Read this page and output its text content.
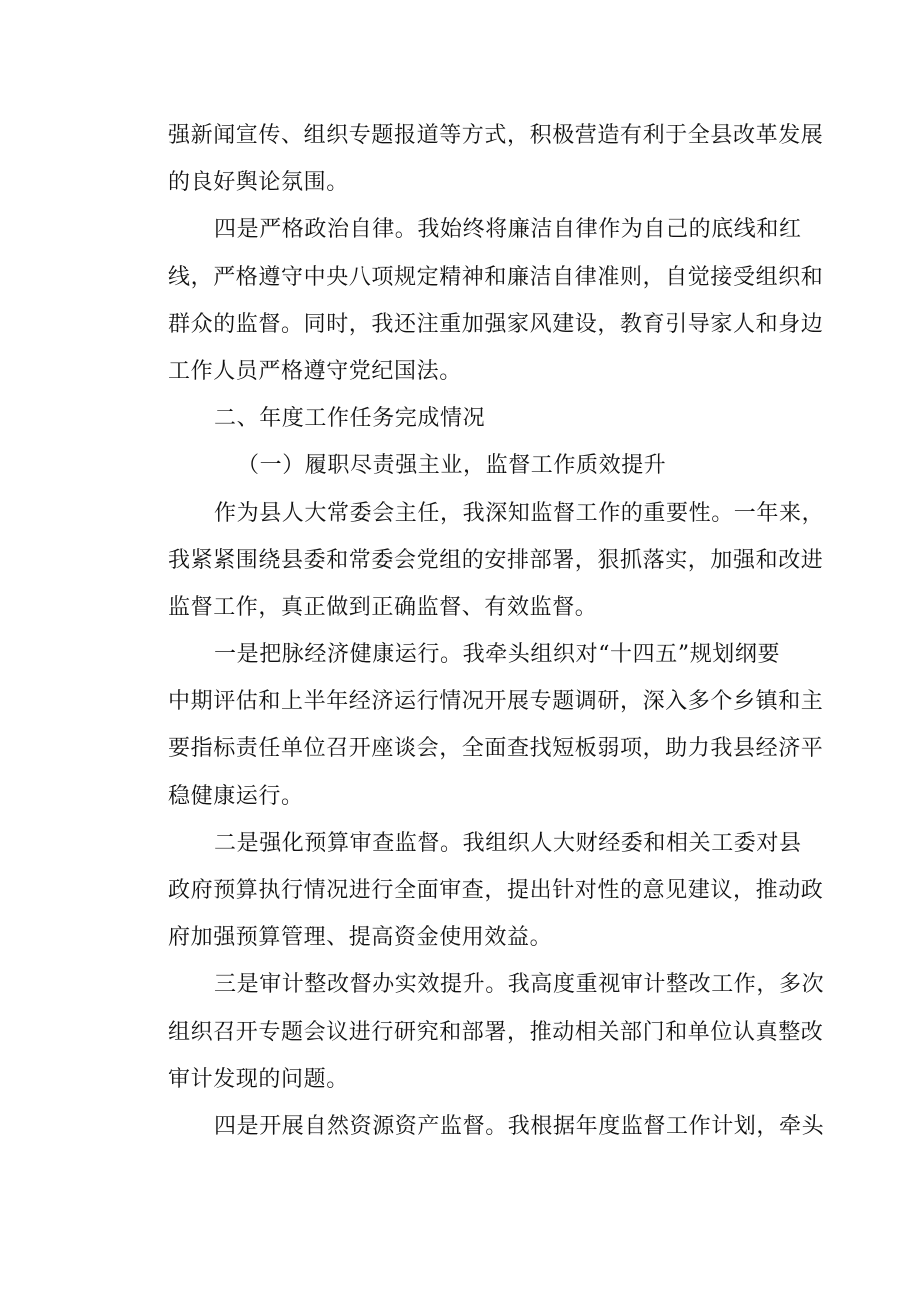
强新闻宣传、组织专题报道等方式，积极营造有利于全县改革发展
的良好舆论氛围。
四是严格政治自律。我始终将廉洁自律作为自己的底线和红
线，严格遵守中央八项规定精神和廉洁自律准则，自觉接受组织和
群众的监督。同时，我还注重加强家风建设，教育引导家人和身边
工作人员严格遵守党纪国法。
二、年度工作任务完成情况
（一）履职尽责强主业，监督工作质效提升
作为县人大常委会主任，我深知监督工作的重要性。一年来，
我紧紧围绕县委和常委会党组的安排部署，狠抓落实，加强和改进
监督工作，真正做到正确监督、有效监督。
一是把脉经济健康运行。我牵头组织对“十四五”规划纲要
中期评估和上半年经济运行情况开展专题调研，深入多个乡镇和主
要指标责任单位召开座谈会，全面查找短板弱项，助力我县经济平
稳健康运行。
二是强化预算审查监督。我组织人大财经委和相关工委对县
政府预算执行情况进行全面审查，提出针对性的意见建议，推动政
府加强预算管理、提高资金使用效益。
三是审计整改督办实效提升。我高度重视审计整改工作，多次
组织召开专题会议进行研究和部署，推动相关部门和单位认真整改
审计发现的问题。
四是开展自然资源资产监督。我根据年度监督工作计划，牵头
